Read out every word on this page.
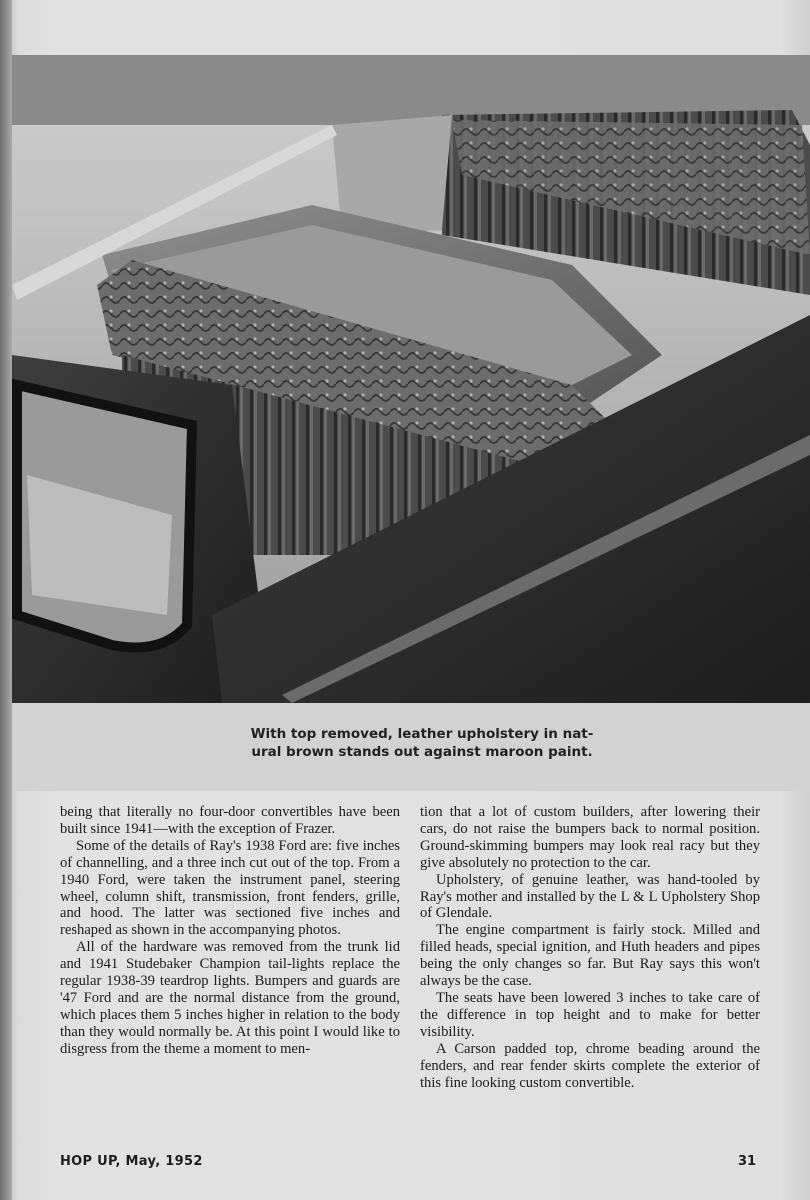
With top removed, leather upholstery in nat-
ural brown stands out against maroon paint.

being that literally no four-door convertibles have been built since 1941—with the exception of Frazer.

Some of the details of Ray's 1938 Ford are: five inches of channelling, and a three inch cut out of the top. From a 1940 Ford, were taken the instrument panel, steering wheel, column shift, transmission, front fenders, grille, and hood. The latter was sectioned five inches and reshaped as shown in the accompanying photos.

All of the hardware was removed from the trunk lid and 1941 Studebaker Champion tail-lights replace the regular 1938-39 teardrop lights. Bumpers and guards are '47 Ford and are the normal distance from the ground, which places them 5 inches higher in relation to the body than they would normally be. At this point I would like to disgress from the theme a moment to men-

tion that a lot of custom builders, after lowering their cars, do not raise the bumpers back to normal position. Ground-skimming bumpers may look real racy but they give absolutely no protection to the car.

Upholstery, of genuine leather, was hand-tooled by Ray's mother and installed by the L & L Upholstery Shop of Glendale.

The engine compartment is fairly stock. Milled and filled heads, special ignition, and Huth headers and pipes being the only changes so far. But Ray says this won't always be the case.

The seats have been lowered 3 inches to take care of the difference in top height and to make for better visibility.

A Carson padded top, chrome beading around the fenders, and rear fender skirts complete the exterior of this fine looking custom convertible.

HOP UP, May, 1952	31
